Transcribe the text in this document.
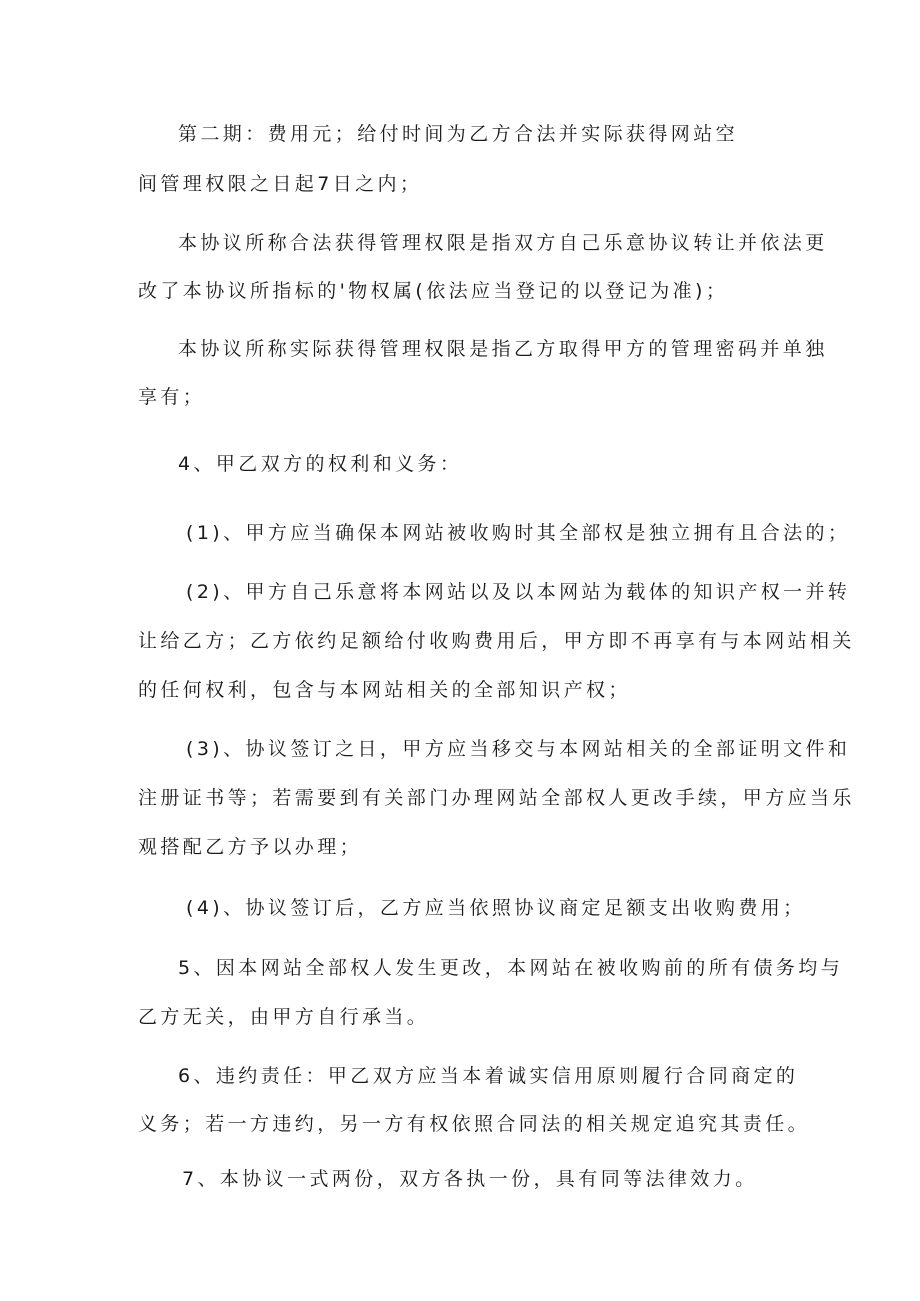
第二期：费用元；给付时间为乙方合法并实际获得网站空
间管理权限之日起7日之内；
本协议所称合法获得管理权限是指双方自己乐意协议转让并依法更
改了本协议所指标的'物权属(依法应当登记的以登记为准)；
本协议所称实际获得管理权限是指乙方取得甲方的管理密码并单独
享有；
4、甲乙双方的权利和义务：
(1)、甲方应当确保本网站被收购时其全部权是独立拥有且合法的；
(2)、甲方自己乐意将本网站以及以本网站为载体的知识产权一并转
让给乙方；乙方依约足额给付收购费用后，甲方即不再享有与本网站相关
的任何权利，包含与本网站相关的全部知识产权；
(3)、协议签订之日，甲方应当移交与本网站相关的全部证明文件和
注册证书等；若需要到有关部门办理网站全部权人更改手续，甲方应当乐
观搭配乙方予以办理；
(4)、协议签订后，乙方应当依照协议商定足额支出收购费用；
5、因本网站全部权人发生更改，本网站在被收购前的所有债务均与
乙方无关，由甲方自行承当。
6、违约责任：甲乙双方应当本着诚实信用原则履行合同商定的
义务；若一方违约，另一方有权依照合同法的相关规定追究其责任。
7、本协议一式两份，双方各执一份，具有同等法律效力。
